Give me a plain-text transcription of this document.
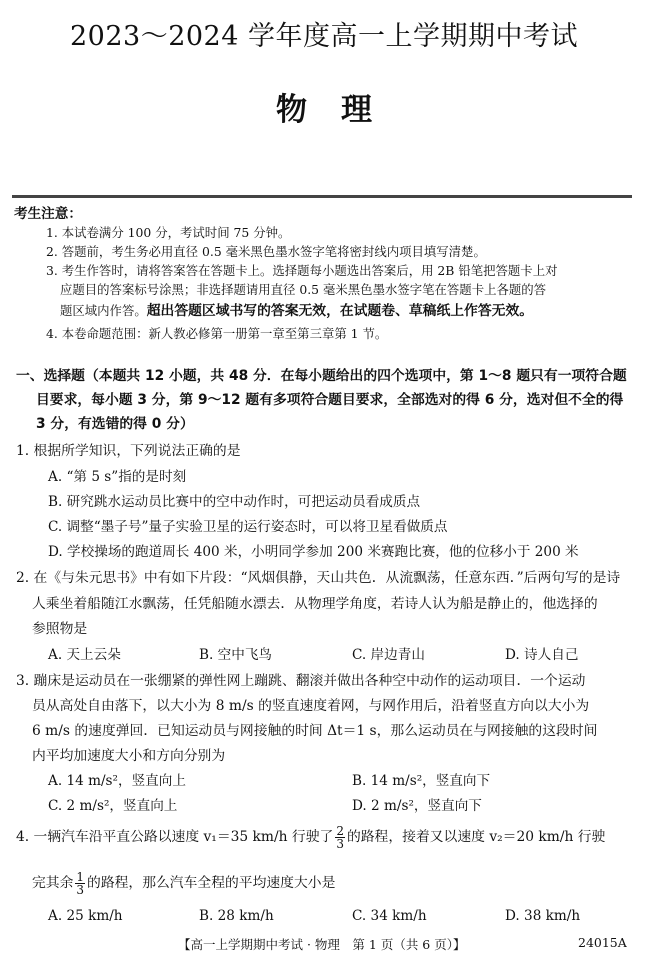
2023～2024 学年度高一上学期期中考试
物理
考生注意：
1. 本试卷满分 100 分，考试时间 75 分钟。
2. 答题前，考生务必用直径 0.5 毫米黑色墨水签字笔将密封线内项目填写清楚。
3. 考生作答时，请将答案答在答题卡上。选择题每小题选出答案后，用 2B 铅笔把答题卡上对
应题目的答案标号涂黑；非选择题请用直径 0.5 毫米黑色墨水签字笔在答题卡上各题的答
题区域内作答。超出答题区域书写的答案无效，在试题卷、草稿纸上作答无效。
4. 本卷命题范围：新人教必修第一册第一章至第三章第 1 节。
一、选择题（本题共 12 小题，共 48 分．在每小题给出的四个选项中，第 1～8 题只有一项符合题
目要求，每小题 3 分，第 9～12 题有多项符合题目要求，全部选对的得 6 分，选对但不全的得
3 分，有选错的得 0 分）
1. 根据所学知识，下列说法正确的是
A. “第 5 s”指的是时刻
B. 研究跳水运动员比赛中的空中动作时，可把运动员看成质点
C. 调整“墨子号”量子实验卫星的运行姿态时，可以将卫星看做质点
D. 学校操场的跑道周长 400 米，小明同学参加 200 米赛跑比赛，他的位移小于 200 米
2. 在《与朱元思书》中有如下片段：“风烟俱静，天山共色．从流飘荡，任意东西．”后两句写的是诗
人乘坐着船随江水飘荡，任凭船随水漂去．从物理学角度，若诗人认为船是静止的，他选择的
参照物是
A. 天上云朵	B. 空中飞鸟	C. 岸边青山	D. 诗人自己
3. 蹦床是运动员在一张绷紧的弹性网上蹦跳、翻滚并做出各种空中动作的运动项目．一个运动
员从高处自由落下，以大小为 8 m/s 的竖直速度着网，与网作用后，沿着竖直方向以大小为
6 m/s 的速度弹回．已知运动员与网接触的时间 Δt＝1 s，那么运动员在与网接触的这段时间
内平均加速度大小和方向分别为
A. 14 m/s²，竖直向上	B. 14 m/s²，竖直向下
C. 2 m/s²，竖直向上	D. 2 m/s²，竖直向下
4. 一辆汽车沿平直公路以速度 v₁＝35 km/h 行驶了 $\frac{2}{3}$ 的路程，接着又以速度 v₂＝20 km/h 行驶
完其余 $\frac{1}{3}$ 的路程，那么汽车全程的平均速度大小是
A. 25 km/h	B. 28 km/h	C. 34 km/h	D. 38 km/h
【高一上学期期中考试 · 物理　第 1 页（共 6 页）】	24015A
